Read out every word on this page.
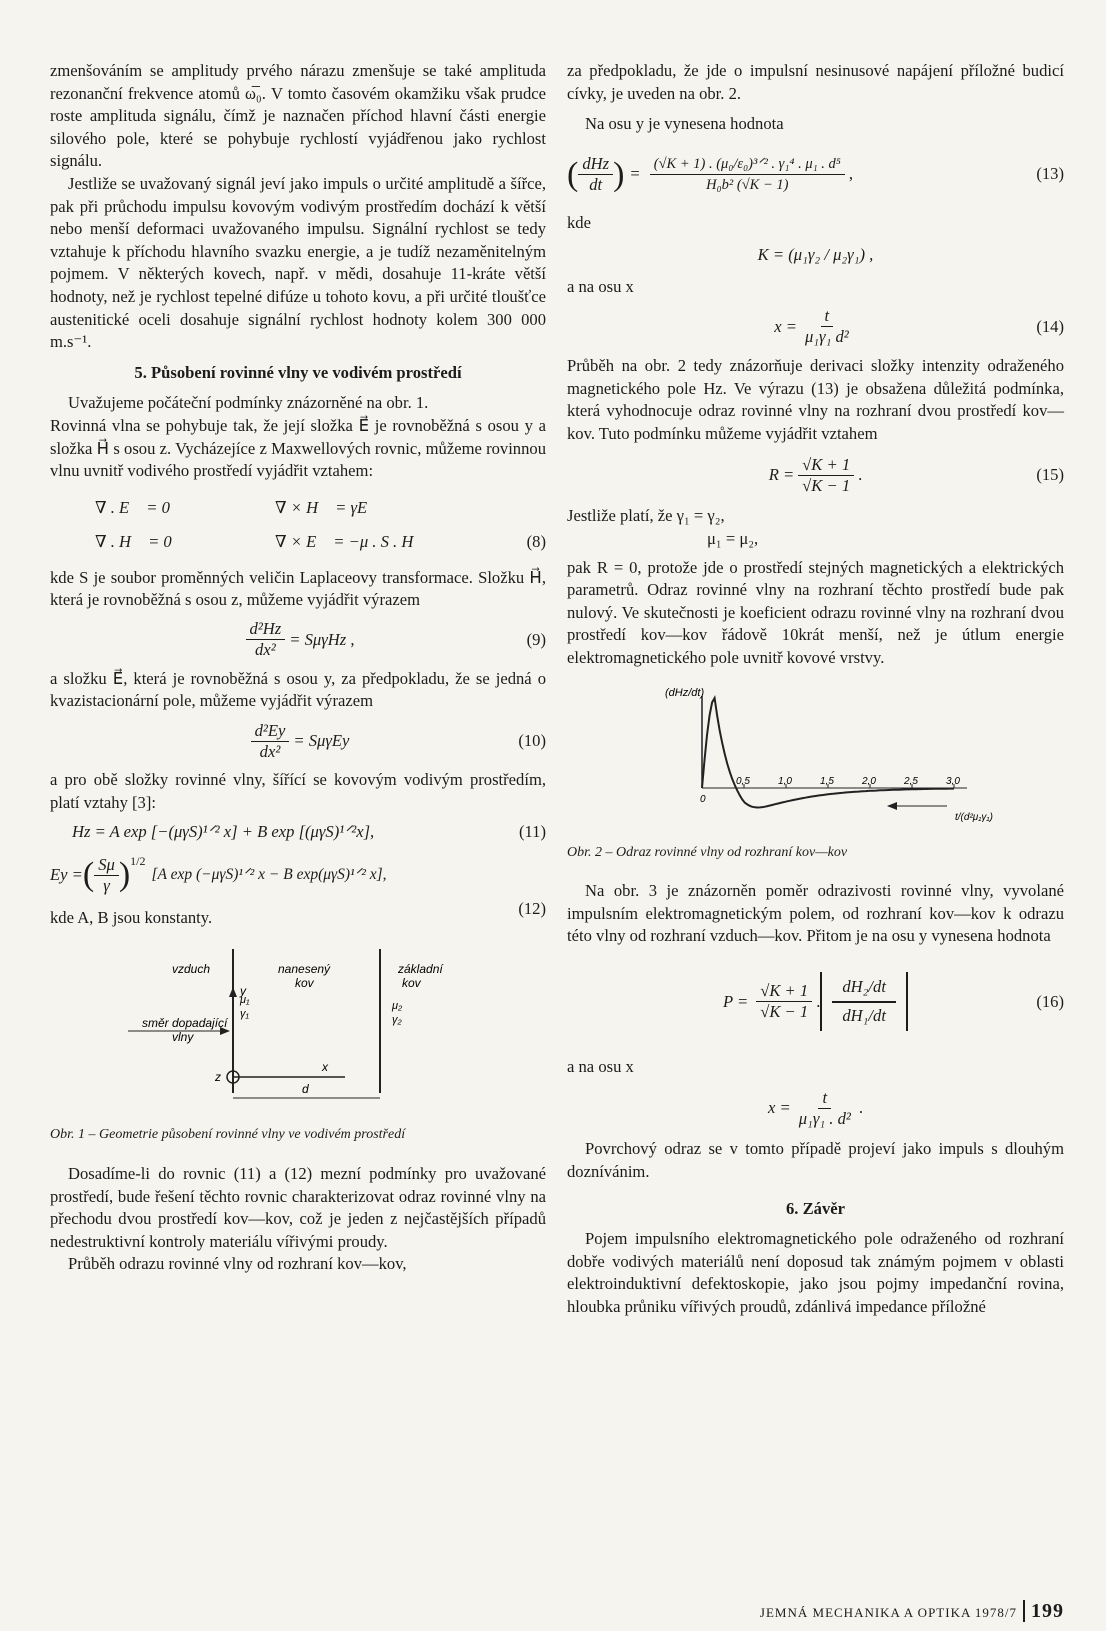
zmenšováním se amplitudy prvého nárazu zmenšuje se také amplituda rezonanční frekvence atomů ω̅₀. V tomto časovém okamžiku však prudce roste amplituda signálu, čímž je naznačen příchod hlavní části energie silového pole, které se pohybuje rychlostí vyjádřenou jako rychlost signálu.

Jestliže se uvažovaný signál jeví jako impuls o určité amplitudě a šířce, pak při průchodu impulsu kovovým vodivým prostředím dochází k větší nebo menší deformaci uvažovaného impulsu. Signální rychlost se tedy vztahuje k příchodu hlavního svazku energie, a je tudíž nezaměnitelným pojmem. V některých kovech, např. v mědi, dosahuje 11-kráte větší hodnoty, než je rychlost tepelné difúze u tohoto kovu, a při určité tloušťce austenitické oceli dosahuje signální rychlost hodnoty kolem 300 000 m.s⁻¹.

5. Působení rovinné vlny ve vodivém prostředí

Uvažujeme počáteční podmínky znázorněné na obr. 1.

Rovinná vlna se pohybuje tak, že její složka E⃗ je rovnoběžná s osou y a složka H⃗ s osou z. Vycházejíce z Maxwellových rovnic, můžeme rovinnou vlnu uvnitř vodivého prostředí vyjádřit vztahem:

∇ . E⃗ = 0	∇ × H⃗ = γE⃗
∇ . H⃗ = 0	∇ × E⃗ = −μ . S . H⃗	(8)

kde S je soubor proměnných veličin Laplaceovy transformace. Složku H⃗, která je rovnoběžná s osou z, můžeme vyjádřit výrazem

$\frac{\text{d²Hz}}{\text{dx²}} = S\mu\gamma Hz$ ,	(9)

a složku E⃗, která je rovnoběžná s osou y, za předpokladu, že se jedná o kvazistacionární pole, můžeme vyjádřit výrazem

$\frac{\text{d²Ey}}{\text{dx²}} = S\mu\gamma Ey$	(10)

a pro obě složky rovinné vlny, šířící se kovovým vodivým prostředím, platí vztahy [3]:

Hz = A exp [−(μγS)¹ᐟ² x] + B exp [(μγS)¹ᐟ²x],	(11)
Ey = ( $\frac{S\mu}{\gamma} )^{1/2}$
[A exp (−μγS)¹ᐟ² x − B exp(μγS)¹ᐟ² x],
(12)

kde A, B jsou konstanty.

vzduch	nanesený
kov
základní
kov
směr dopadající
vlny
μ₁
γ₁
μ₂
γ₂
y
z
x
d
Obr. 1 – Geometrie působení rovinné vlny ve vodivém prostředí

Dosadíme-li do rovnic (11) a (12) mezní podmínky pro uvažované prostředí, bude řešení těchto rovnic charakterizovat odraz rovinné vlny na přechodu dvou prostředí kov—kov, což je jeden z nejčastějších případů nedestruktivní kontroly materiálu vířivými proudy.

Průběh odrazu rovinné vlny od rozhraní kov—kov,

za předpokladu, že jde o impulsní nesinusové napájení příložné budicí cívky, je uveden na obr. 2.

Na osu y je vynesena hodnota

( $\frac{\text{dHz}}{dt}$ ) = $\frac{\text{(√K + 1) . (μ₀/ε₀)³ᐟ² . γ₁⁴ . μ₁ . d⁵}}{\text{H₀b² (√K − 1)}}$ ,	(13)

kde

K = (μ₁γ₂ / μ₂γ₁) ,

a na osu x

$x = \frac{t}{\text{μ₁γ₁ d²}}$	(14)

Průběh na obr. 2 tedy znázorňuje derivaci složky intenzity odraženého magnetického pole Hz. Ve výrazu (13) je obsažena důležitá podmínka, která vyhodnocuje odraz rovinné vlny na rozhraní dvou prostředí kov—kov. Tuto podmínku můžeme vyjádřit vztahem

$R = \frac{√K + 1}{√K - 1}$ .	(15)

Jestliže platí, že γ₁ = γ₂,

μ₁ = μ₂,

pak R = 0, protože jde o prostředí stejných magnetických a elektrických parametrů. Odraz rovinné vlny na rozhraní těchto prostředí bude pak nulový. Ve skutečnosti je koeficient odrazu rovinné vlny na rozhraní dvou prostředí kov—kov řádově 10krát menší, než je útlum energie elektromagnetického pole uvnitř kovové vrstvy.

0
0,5	1,0	1,5	2,0	2,5	3,0
(dHz/dt)
t/(d²μ₁γ₁)
Obr. 2 – Odraz rovinné vlny od rozhraní kov—kov

Na obr. 3 je znázorněn poměr odrazivosti rovinné vlny, vyvolané impulsním elektromagnetickým polem, od rozhraní kov—kov k odrazu této vlny od rozhraní vzduch—kov. Přitom je na osu y vynesena hodnota

$P = \frac{√K + 1}{√K - 1}$ . $\frac{\text{dH₂/dt}}{\text{dH₁/dt}}$	(16)

a na osu x

$x = \frac{t}{\text{μ₁γ₁ . d²}}$ .

Povrchový odraz se v tomto případě projeví jako impuls s dlouhým doznívánim.

6. Závěr

Pojem impulsního elektromagnetického pole odraženého od rozhraní dobře vodivých materiálů není doposud tak známým pojmem v oblasti elektroinduktivní defektoskopie, jako jsou pojmy impedanční rovina, hloubka průniku vířivých proudů, zdánlivá impedance příložné

JEMNÁ MECHANIKA A OPTIKA 1978/7 199
